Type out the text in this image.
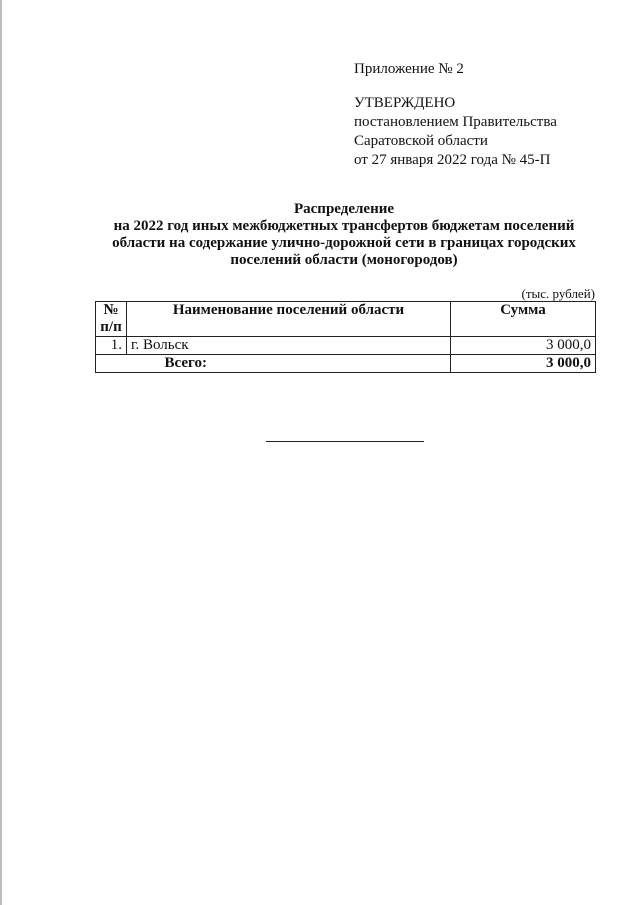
Приложение № 2
УТВЕРЖДЕНО
постановлением Правительства
Саратовской области
от 27 января 2022 года № 45-П
Распределение
на 2022 год иных межбюджетных трансфертов бюджетам поселений
области на содержание улично-дорожной сети в границах городских
поселений области (моногородов)
(тыс. рублей)
№
п/п	Наименование поселений области	Сумма
1.	г. Вольск	3 000,0
	Всего:	3 000,0
